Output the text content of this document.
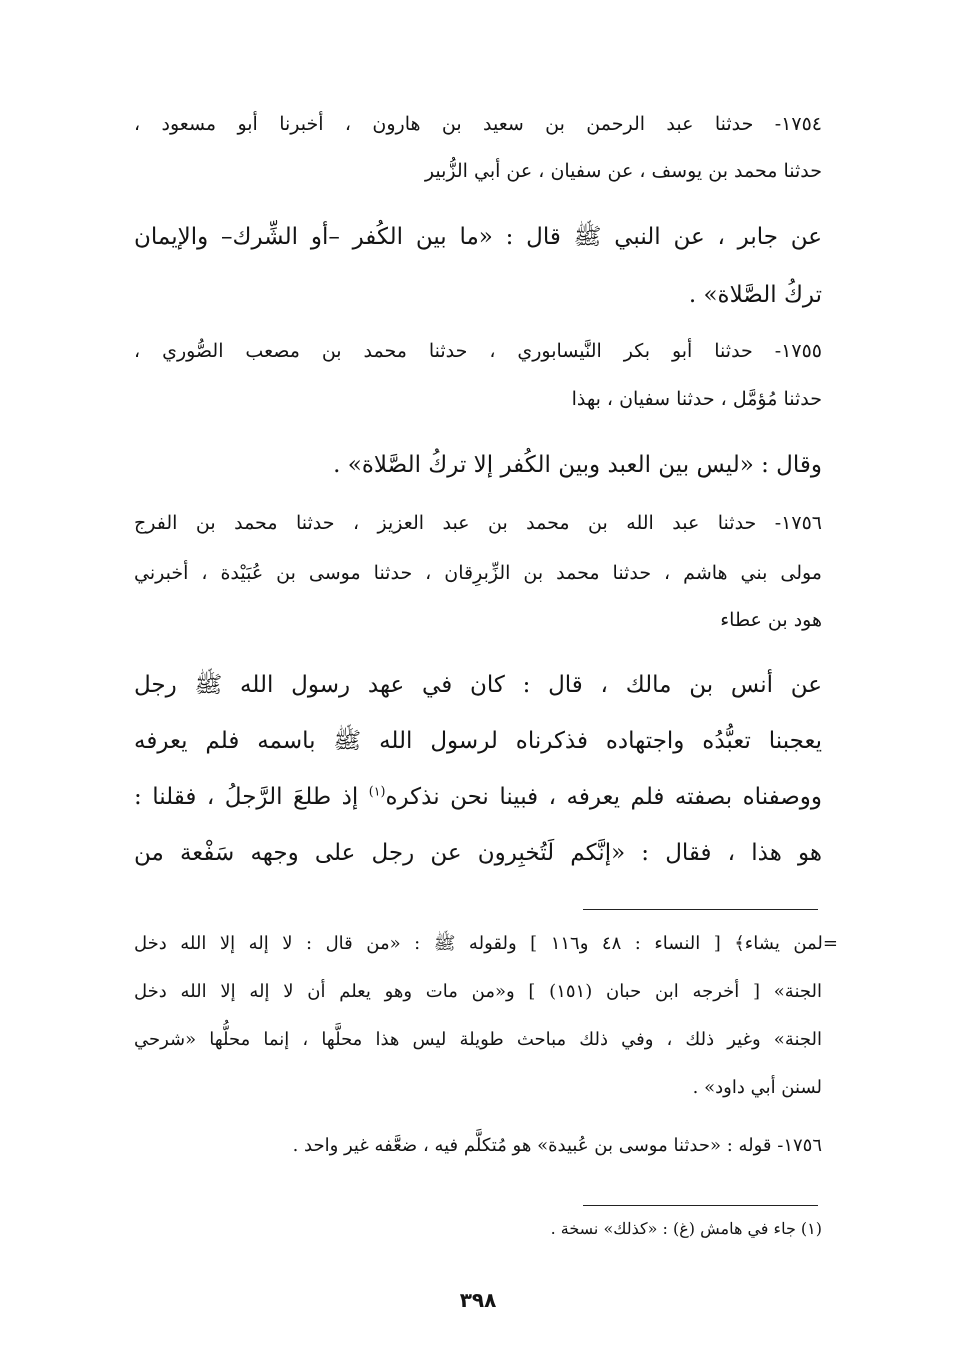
١٧٥٤- حدثنا عبد الرحمن بن سعيد بن هارون ، أخبرنا أبو مسعود ،

حدثنا محمد بن يوسف ، عن سفيان ، عن أبي الزُّبير

عن جابر ، عن النبي ﷺ قال : «ما بين الكُفر –أو الشِّرك– والإيمان

تركُ الصَّلاة» .

١٧٥٥- حدثنا أبو بكر النَّيسابوري ، حدثنا محمد بن مصعب الصُّوري ،

حدثنا مُؤمَّل ، حدثنا سفيان ، بهذا

وقال : «ليس بين العبد وبين الكُفر إلا تركُ الصَّلاة» .

١٧٥٦- حدثنا عبد الله بن محمد بن عبد العزيز ، حدثنا محمد بن الفرج

مولى بني هاشم ، حدثنا محمد بن الزِّبرِقان ، حدثنا موسى بن عُبَيْدة ، أخبرني

هود بن عطاء

عن أنس بن مالك ، قال : كان في عهد رسول الله ﷺ رجل

يعجبنا تعبُّدُه واجتهاده فذكرناه لرسول الله ﷺ باسمه فلم يعرفه

ووصفناه بصفته فلم يعرفه ، فبينا نحن نذكره$^{(١)}$ إذ طلعَ الرَّجلُ ، فقلنا :

هو هذا ، فقال : «إنَّكم لَتُخبِرون عن رجل على وجهه سَفْعة من

=لمن يشاء﴾ [ النساء : ٤٨ و١١٦ ] ولقوله ﷺ : «من قال : لا إله إلا الله دخل

الجنة» [ أخرجه ابن حبان (١٥١) ] و«من مات وهو يعلم أن لا إله إلا الله دخل

الجنة» وغير ذلك ، وفي ذلك مباحث طويلة ليس هذا محلَّها ، إنما محلُّها «شرحي

لسنن أبي داود» .

١٧٥٦- قوله : «حدثنا موسى بن عُبيدة» هو مُتكلَّم فيه ، ضعَّفه غير واحد .

(١) جاء في هامش (غ) : «كذلك» نسخة .

٣٩٨
